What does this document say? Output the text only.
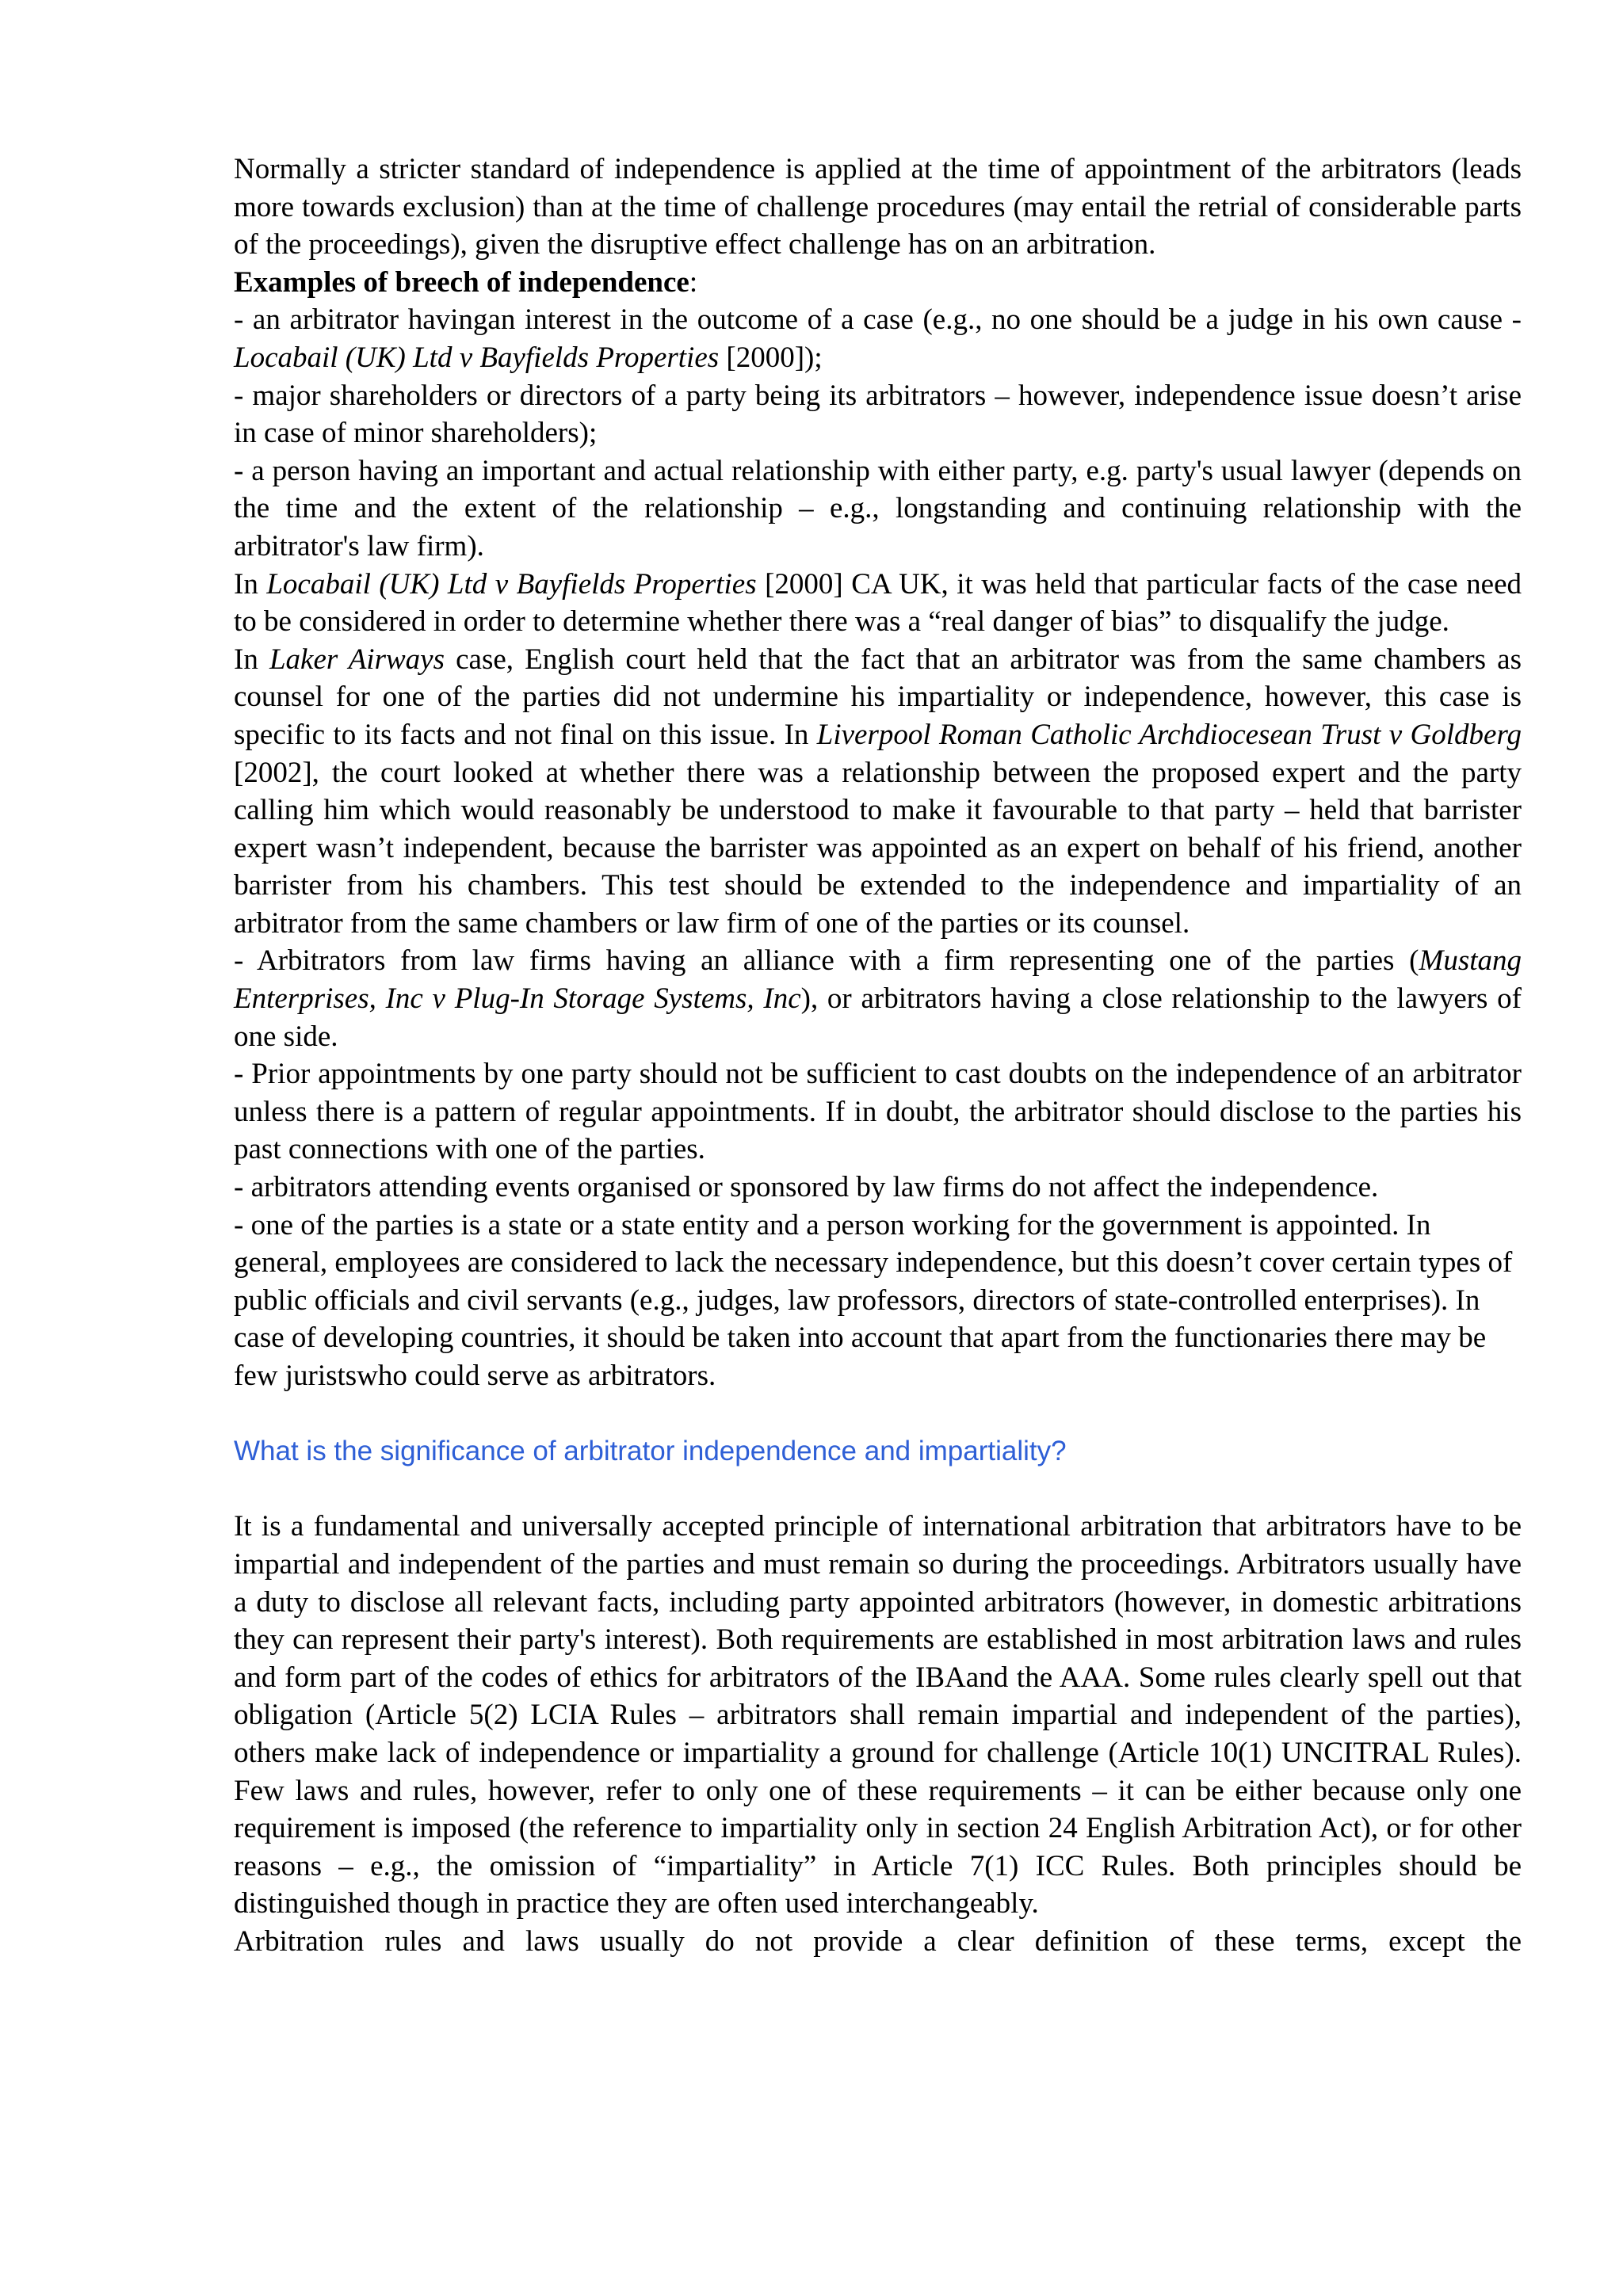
Normally a stricter standard of independence is applied at the time of appointment of the arbitrators (leads more towards exclusion) than at the time of challenge procedures (may entail the retrial of considerable parts of the proceedings), given the disruptive effect challenge has on an arbitration.

Examples of breech of independence:

- an arbitrator havingan interest in the outcome of a case (e.g., no one should be a judge in his own cause - Locabail (UK) Ltd v Bayfields Properties [2000]);

- major shareholders or directors of a party being its arbitrators – however, independence issue doesn’t arise in case of minor shareholders);

- a person having an important and actual relationship with either party, e.g. party's usual lawyer (depends on the time and the extent of the relationship – e.g., longstanding and continuing relationship with the arbitrator's law firm).

In Locabail (UK) Ltd v Bayfields Properties [2000] CA UK, it was held that particular facts of the case need to be considered in order to determine whether there was a “real danger of bias” to disqualify the judge.

In Laker Airways case, English court held that the fact that an arbitrator was from the same chambers as counsel for one of the parties did not undermine his impartiality or independence, however, this case is specific to its facts and not final on this issue. In Liverpool Roman Catholic Archdiocesean Trust v Goldberg [2002], the court looked at whether there was a relationship between the proposed expert and the party calling him which would reasonably be understood to make it favourable to that party – held that barrister expert wasn’t independent, because the barrister was appointed as an expert on behalf of his friend, another barrister from his chambers. This test should be extended to the independence and impartiality of an arbitrator from the same chambers or law firm of one of the parties or its counsel.

- Arbitrators from law firms having an alliance with a firm representing one of the parties (Mustang Enterprises, Inc v Plug-In Storage Systems, Inc), or arbitrators having a close relationship to the lawyers of one side.

- Prior appointments by one party should not be sufficient to cast doubts on the independence of an arbitrator unless there is a pattern of regular appointments. If in doubt, the arbitrator should disclose to the parties his past connections with one of the parties.

- arbitrators attending events organised or sponsored by law firms do not affect the independence.

- one of the parties is a state or a state entity and a person working for the government is appointed. In general, employees are considered to lack the necessary independence, but this doesn’t cover certain types of public officials and civil servants (e.g., judges, law professors, directors of state-controlled enterprises). In case of developing countries, it should be taken into account that apart from the functionaries there may be few juristswho could serve as arbitrators.

What is the significance of arbitrator independence and impartiality?

It is a fundamental and universally accepted principle of international arbitration that arbitrators have to be impartial and independent of the parties and must remain so during the proceedings. Arbitrators usually have a duty to disclose all relevant facts, including party appointed arbitrators (however, in domestic arbitrations they can represent their party's interest). Both requirements are established in most arbitration laws and rules and form part of the codes of ethics for arbitrators of the IBAand the AAA. Some rules clearly spell out that obligation (Article 5(2) LCIA Rules – arbitrators shall remain impartial and independent of the parties), others make lack of independence or impartiality a ground for challenge (Article 10(1) UNCITRAL Rules). Few laws and rules, however, refer to only one of these requirements – it can be either because only one requirement is imposed (the reference to impartiality only in section 24 English Arbitration Act), or for other reasons – e.g., the omission of “impartiality” in Article 7(1) ICC Rules. Both principles should be distinguished though in practice they are often used interchangeably.

Arbitration rules and laws usually do not provide a clear definition of these terms, except the
